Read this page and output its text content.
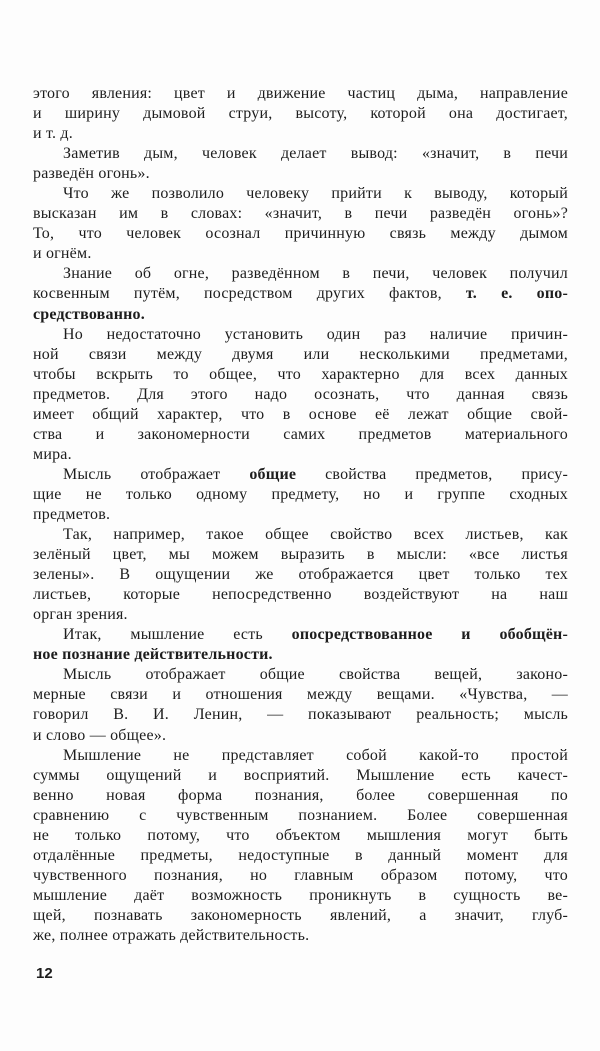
этого явления: цвет и движение частиц дыма, направление
и ширину дымовой струи, высоту, которой она достигает,
и т. д.
Заметив дым, человек делает вывод: «значит, в печи
разведён огонь».
Что же позволило человеку прийти к выводу, который
высказан им в словах: «значит, в печи разведён огонь»?
То, что человек осознал причинную связь между дымом
и огнём.
Знание об огне, разведённом в печи, человек получил
косвенным путём, посредством других фактов, т. е. опо-
средствованно.
Но недостаточно установить один раз наличие причин-
ной связи между двумя или несколькими предметами,
чтобы вскрыть то общее, что характерно для всех данных
предметов. Для этого надо осознать, что данная связь
имеет общий характер, что в основе её лежат общие свой-
ства и закономерности самих предметов материального
мира.
Мысль отображает общие свойства предметов, прису-
щие не только одному предмету, но и группе сходных
предметов.
Так, например, такое общее свойство всех листьев, как
зелёный цвет, мы можем выразить в мысли: «все листья
зелены». В ощущении же отображается цвет только тех
листьев, которые непосредственно воздействуют на наш
орган зрения.
Итак, мышление есть опосредствованное и обобщён-
ное познание действительности.
Мысль отображает общие свойства вещей, законо-
мерные связи и отношения между вещами. «Чувства, —
говорил В. И. Ленин, — показывают реальность; мысль
и слово — общее».
Мышление не представляет собой какой-то простой
суммы ощущений и восприятий. Мышление есть качест-
венно новая форма познания, более совершенная по
сравнению с чувственным познанием. Более совершенная
не только потому, что объектом мышления могут быть
отдалённые предметы, недоступные в данный момент для
чувственного познания, но главным образом потому, что
мышление даёт возможность проникнуть в сущность ве-
щей, познавать закономерность явлений, а значит, глуб-
же, полнее отражать действительность.
12
